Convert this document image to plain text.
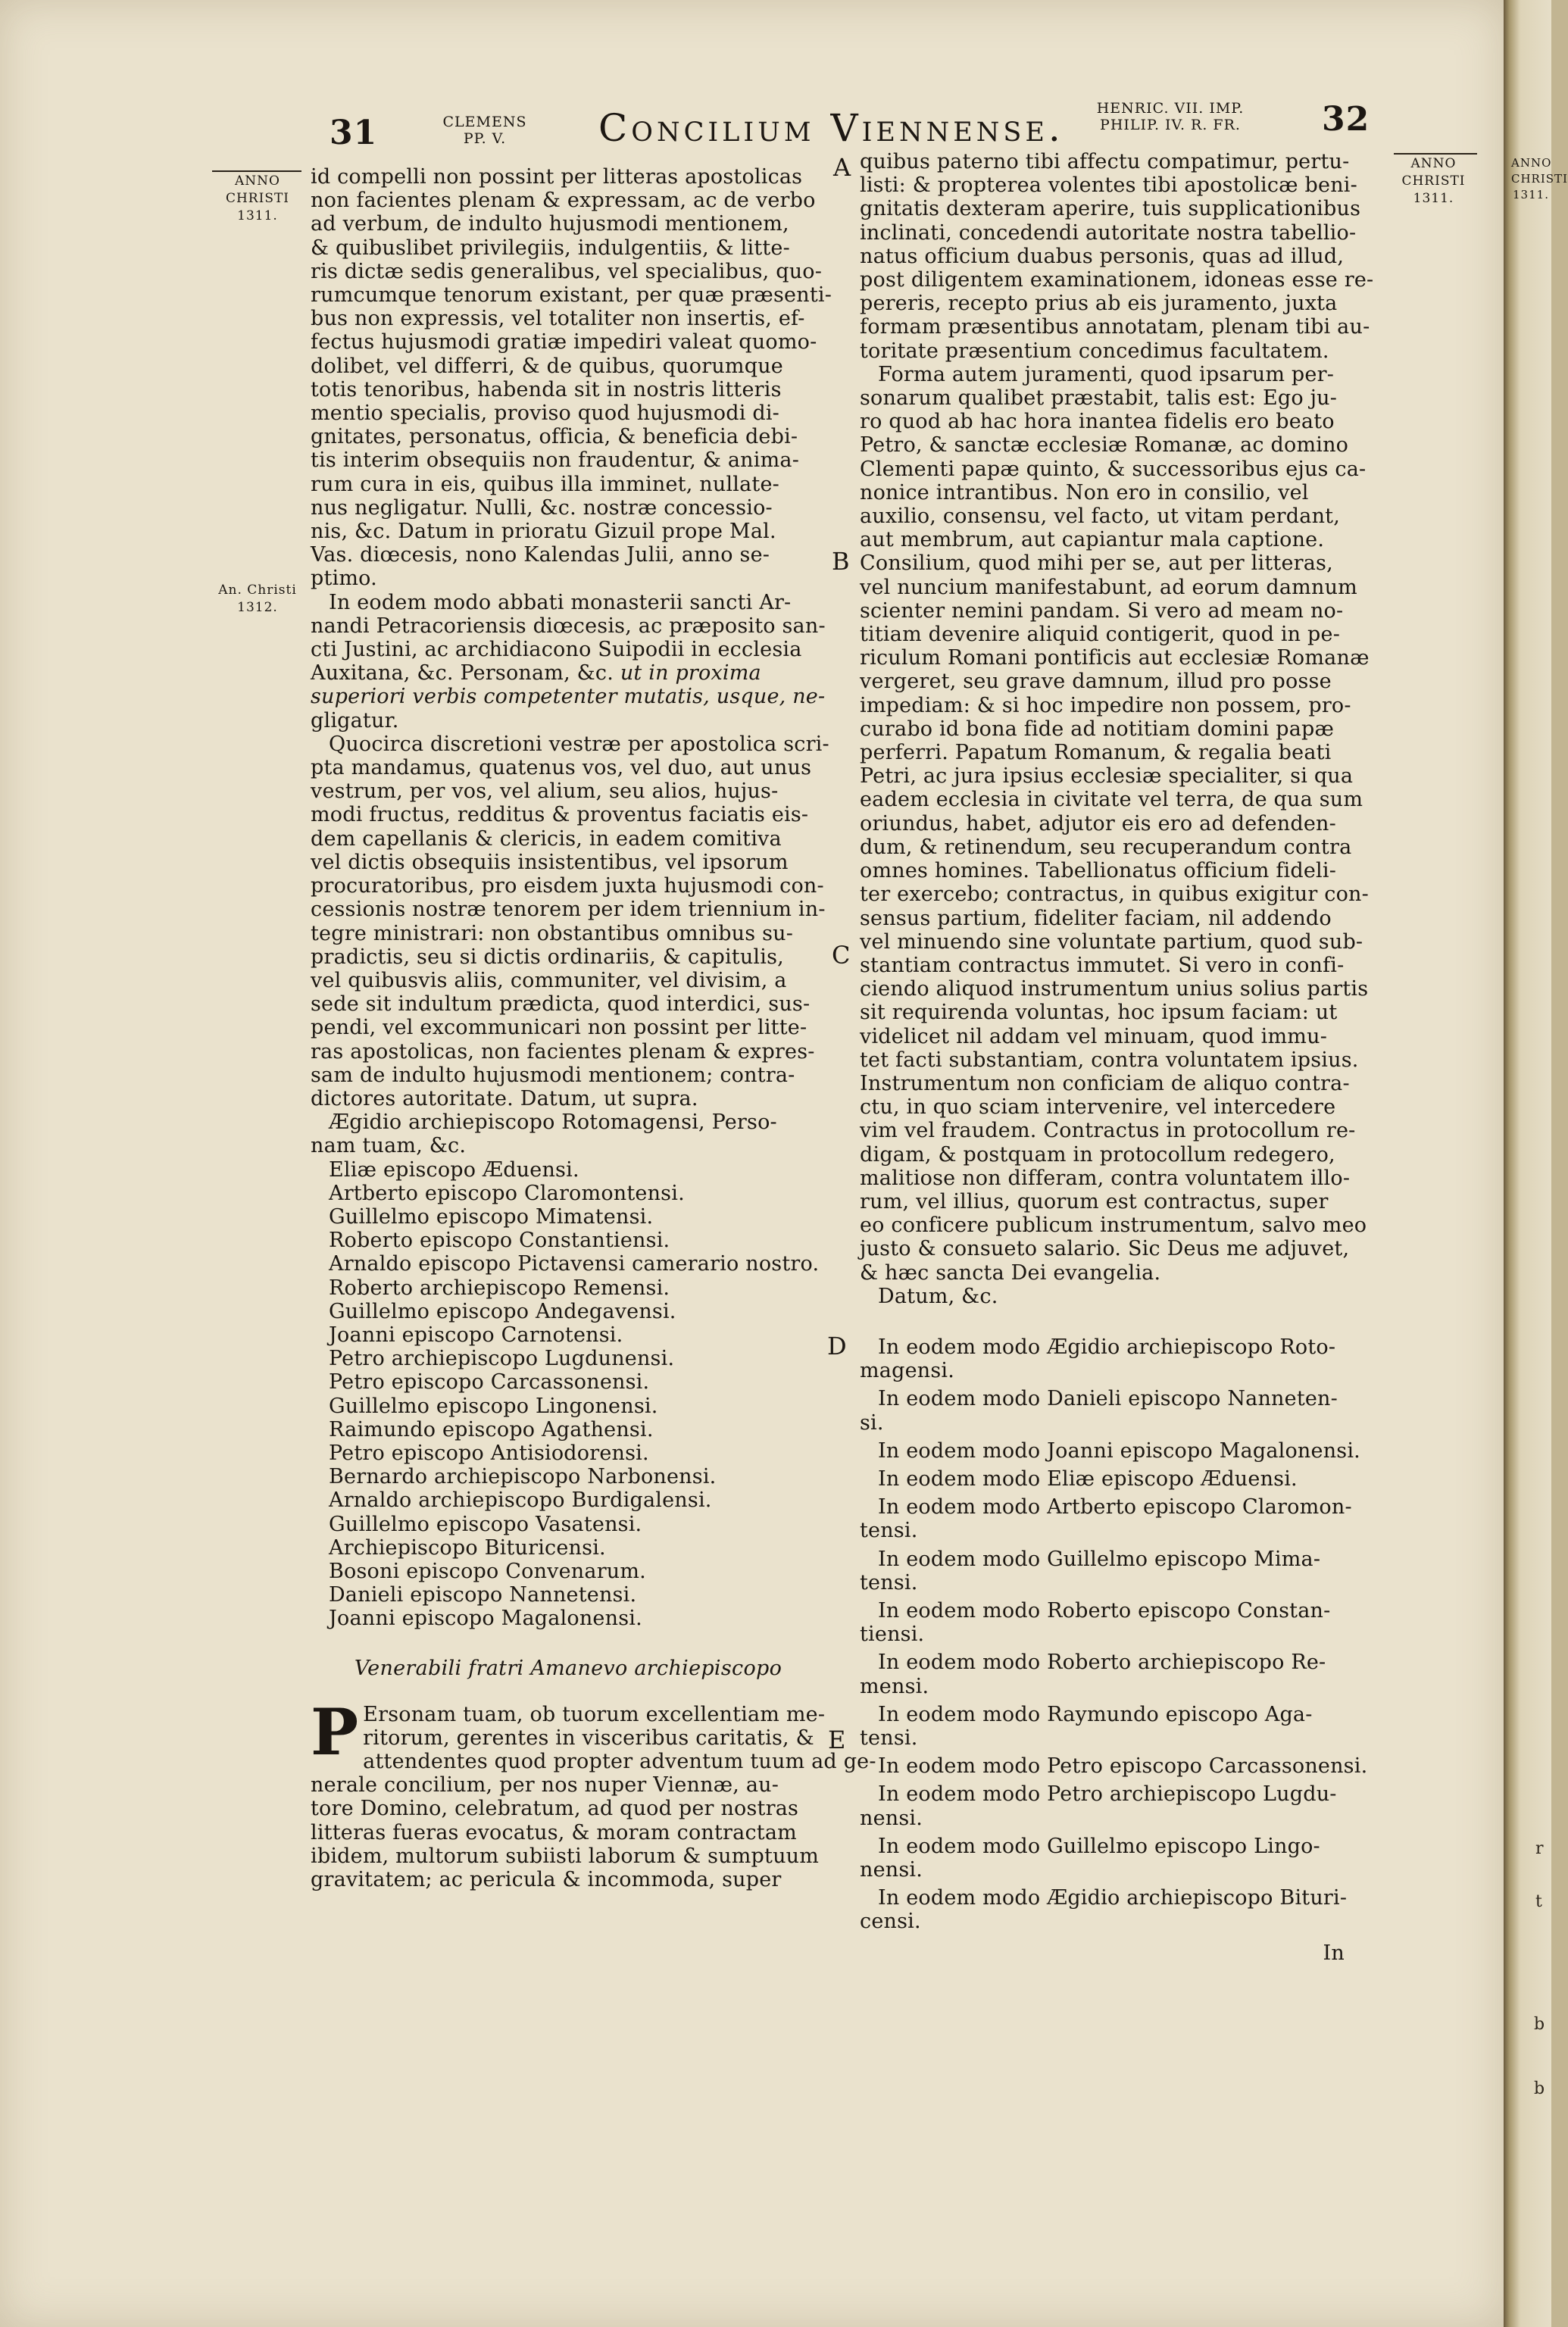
31	CLEMENS
PP. V.	Concilium Viennense.	HENRIC. VII. IMP.
PHILIP. IV. R. FR. 32
ANNO
CHRISTI
1311.
An. Christi
1312.
ANNO
CHRISTI
1311.
A
B
C
D
E

id compelli non possint per litteras apostolicas

non facientes plenam & expressam, ac de verbo

ad verbum, de indulto hujusmodi mentionem,

& quibuslibet privilegiis, indulgentiis, & litte-

ris dictæ sedis generalibus, vel specialibus, quo-

rumcumque tenorum existant, per quæ præsenti-

bus non expressis, vel totaliter non insertis, ef-

fectus hujusmodi gratiæ impediri valeat quomo-

dolibet, vel differri, & de quibus, quorumque

totis tenoribus, habenda sit in nostris litteris

mentio specialis, proviso quod hujusmodi di-

gnitates, personatus, officia, & beneficia debi-

tis interim obsequiis non fraudentur, & anima-

rum cura in eis, quibus illa imminet, nullate-

nus negligatur. Nulli, &c. nostræ concessio-

nis, &c. Datum in prioratu Gizuil prope Mal.

Vas. diœcesis, nono Kalendas Julii, anno se-

ptimo.

In eodem modo abbati monasterii sancti Ar-

nandi Petracoriensis diœcesis, ac præposito san-

cti Justini, ac archidiacono Suipodii in ecclesia

Auxitana, &c. Personam, &c. ut in proxima

superiori verbis competenter mutatis, usque, ne-

gligatur.

Quocirca discretioni vestræ per apostolica scri-

pta mandamus, quatenus vos, vel duo, aut unus

vestrum, per vos, vel alium, seu alios, hujus-

modi fructus, redditus & proventus faciatis eis-

dem capellanis & clericis, in eadem comitiva

vel dictis obsequiis insistentibus, vel ipsorum

procuratoribus, pro eisdem juxta hujusmodi con-

cessionis nostræ tenorem per idem triennium in-

tegre ministrari: non obstantibus omnibus su-

pradictis, seu si dictis ordinariis, & capitulis,

vel quibusvis aliis, communiter, vel divisim, a

sede sit indultum prædicta, quod interdici, sus-

pendi, vel excommunicari non possint per litte-

ras apostolicas, non facientes plenam & expres-

sam de indulto hujusmodi mentionem; contra-

dictores autoritate. Datum, ut supra.

Ægidio archiepiscopo Rotomagensi, Perso-

nam tuam, &c.

Eliæ episcopo Æduensi.

Artberto episcopo Claromontensi.

Guillelmo episcopo Mimatensi.

Roberto episcopo Constantiensi.

Arnaldo episcopo Pictavensi camerario nostro.

Roberto archiepiscopo Remensi.

Guillelmo episcopo Andegavensi.

Joanni episcopo Carnotensi.

Petro archiepiscopo Lugdunensi.

Petro episcopo Carcassonensi.

Guillelmo episcopo Lingonensi.

Raimundo episcopo Agathensi.

Petro episcopo Antisiodorensi.

Bernardo archiepiscopo Narbonensi.

Arnaldo archiepiscopo Burdigalensi.

Guillelmo episcopo Vasatensi.

Archiepiscopo Bituricensi.

Bosoni episcopo Convenarum.

Danieli episcopo Nannetensi.

Joanni episcopo Magalonensi.

Venerabili fratri Amanevo archiepiscopo

P Ersonam tuam, ob tuorum excellentiam me-

ritorum, gerentes in visceribus caritatis, &

attendentes quod propter adventum tuum ad ge-

nerale concilium, per nos nuper Viennæ, au-

tore Domino, celebratum, ad quod per nostras

litteras fueras evocatus, & moram contractam

ibidem, multorum subiisti laborum & sumptuum

gravitatem; ac pericula & incommoda, super

quibus paterno tibi affectu compatimur, pertu-

listi: & propterea volentes tibi apostolicæ beni-

gnitatis dexteram aperire, tuis supplicationibus

inclinati, concedendi autoritate nostra tabellio-

natus officium duabus personis, quas ad illud,

post diligentem examinationem, idoneas esse re-

pereris, recepto prius ab eis juramento, juxta

formam præsentibus annotatam, plenam tibi au-

toritate præsentium concedimus facultatem.

Forma autem juramenti, quod ipsarum per-

sonarum qualibet præstabit, talis est: Ego ju-

ro quod ab hac hora inantea fidelis ero beato

Petro, & sanctæ ecclesiæ Romanæ, ac domino

Clementi papæ quinto, & successoribus ejus ca-

nonice intrantibus. Non ero in consilio, vel

auxilio, consensu, vel facto, ut vitam perdant,

aut membrum, aut capiantur mala captione.

Consilium, quod mihi per se, aut per litteras,

vel nuncium manifestabunt, ad eorum damnum

scienter nemini pandam. Si vero ad meam no-

titiam devenire aliquid contigerit, quod in pe-

riculum Romani pontificis aut ecclesiæ Romanæ

vergeret, seu grave damnum, illud pro posse

impediam: & si hoc impedire non possem, pro-

curabo id bona fide ad notitiam domini papæ

perferri. Papatum Romanum, & regalia beati

Petri, ac jura ipsius ecclesiæ specialiter, si qua

eadem ecclesia in civitate vel terra, de qua sum

oriundus, habet, adjutor eis ero ad defenden-

dum, & retinendum, seu recuperandum contra

omnes homines. Tabellionatus officium fideli-

ter exercebo; contractus, in quibus exigitur con-

sensus partium, fideliter faciam, nil addendo

vel minuendo sine voluntate partium, quod sub-

stantiam contractus immutet. Si vero in confi-

ciendo aliquod instrumentum unius solius partis

sit requirenda voluntas, hoc ipsum faciam: ut

videlicet nil addam vel minuam, quod immu-

tet facti substantiam, contra voluntatem ipsius.

Instrumentum non conficiam de aliquo contra-

ctu, in quo sciam intervenire, vel intercedere

vim vel fraudem. Contractus in protocollum re-

digam, & postquam in protocollum redegero,

malitiose non differam, contra voluntatem illo-

rum, vel illius, quorum est contractus, super

eo conficere publicum instrumentum, salvo meo

justo & consueto salario. Sic Deus me adjuvet,

& hæc sancta Dei evangelia.

Datum, &c.

In eodem modo Ægidio archiepiscopo Roto-

magensi.

In eodem modo Danieli episcopo Nanneten-

si.

In eodem modo Joanni episcopo Magalonensi.

In eodem modo Eliæ episcopo Æduensi.

In eodem modo Artberto episcopo Claromon-

tensi.

In eodem modo Guillelmo episcopo Mima-

tensi.

In eodem modo Roberto episcopo Constan-

tiensi.

In eodem modo Roberto archiepiscopo Re-

mensi.

In eodem modo Raymundo episcopo Aga-

tensi.

In eodem modo Petro episcopo Carcassonensi.

In eodem modo Petro archiepiscopo Lugdu-

nensi.

In eodem modo Guillelmo episcopo Lingo-

nensi.

In eodem modo Ægidio archiepiscopo Bituri-

censi.

In

ANNO
CHRISTI
1311.
r
t
b
b
